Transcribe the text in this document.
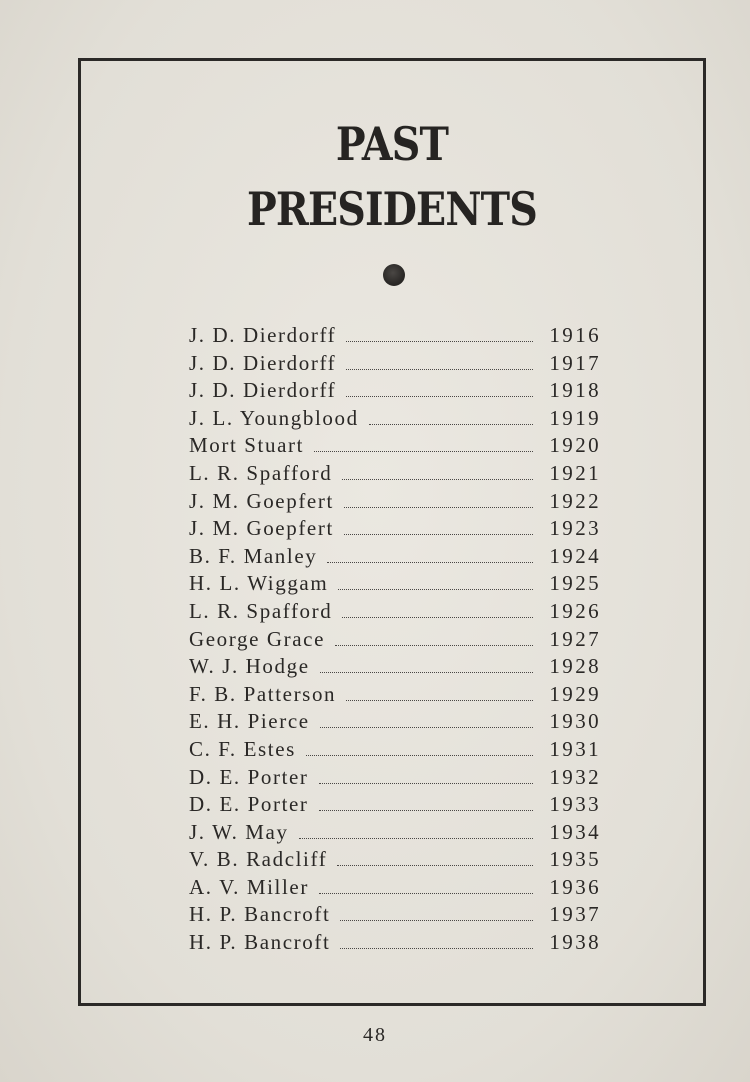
PAST
PRESIDENTS
J. D. Dierdorff	1916
J. D. Dierdorff	1917
J. D. Dierdorff	1918
J. L. Youngblood	1919
Mort Stuart	1920
L. R. Spafford	1921
J. M. Goepfert	1922
J. M. Goepfert	1923
B. F. Manley	1924
H. L. Wiggam	1925
L. R. Spafford	1926
George Grace	1927
W. J. Hodge	1928
F. B. Patterson	1929
E. H. Pierce	1930
C. F. Estes	1931
D. E. Porter	1932
D. E. Porter	1933
J. W. May	1934
V. B. Radcliff	1935
A. V. Miller	1936
H. P. Bancroft	1937
H. P. Bancroft	1938
48
